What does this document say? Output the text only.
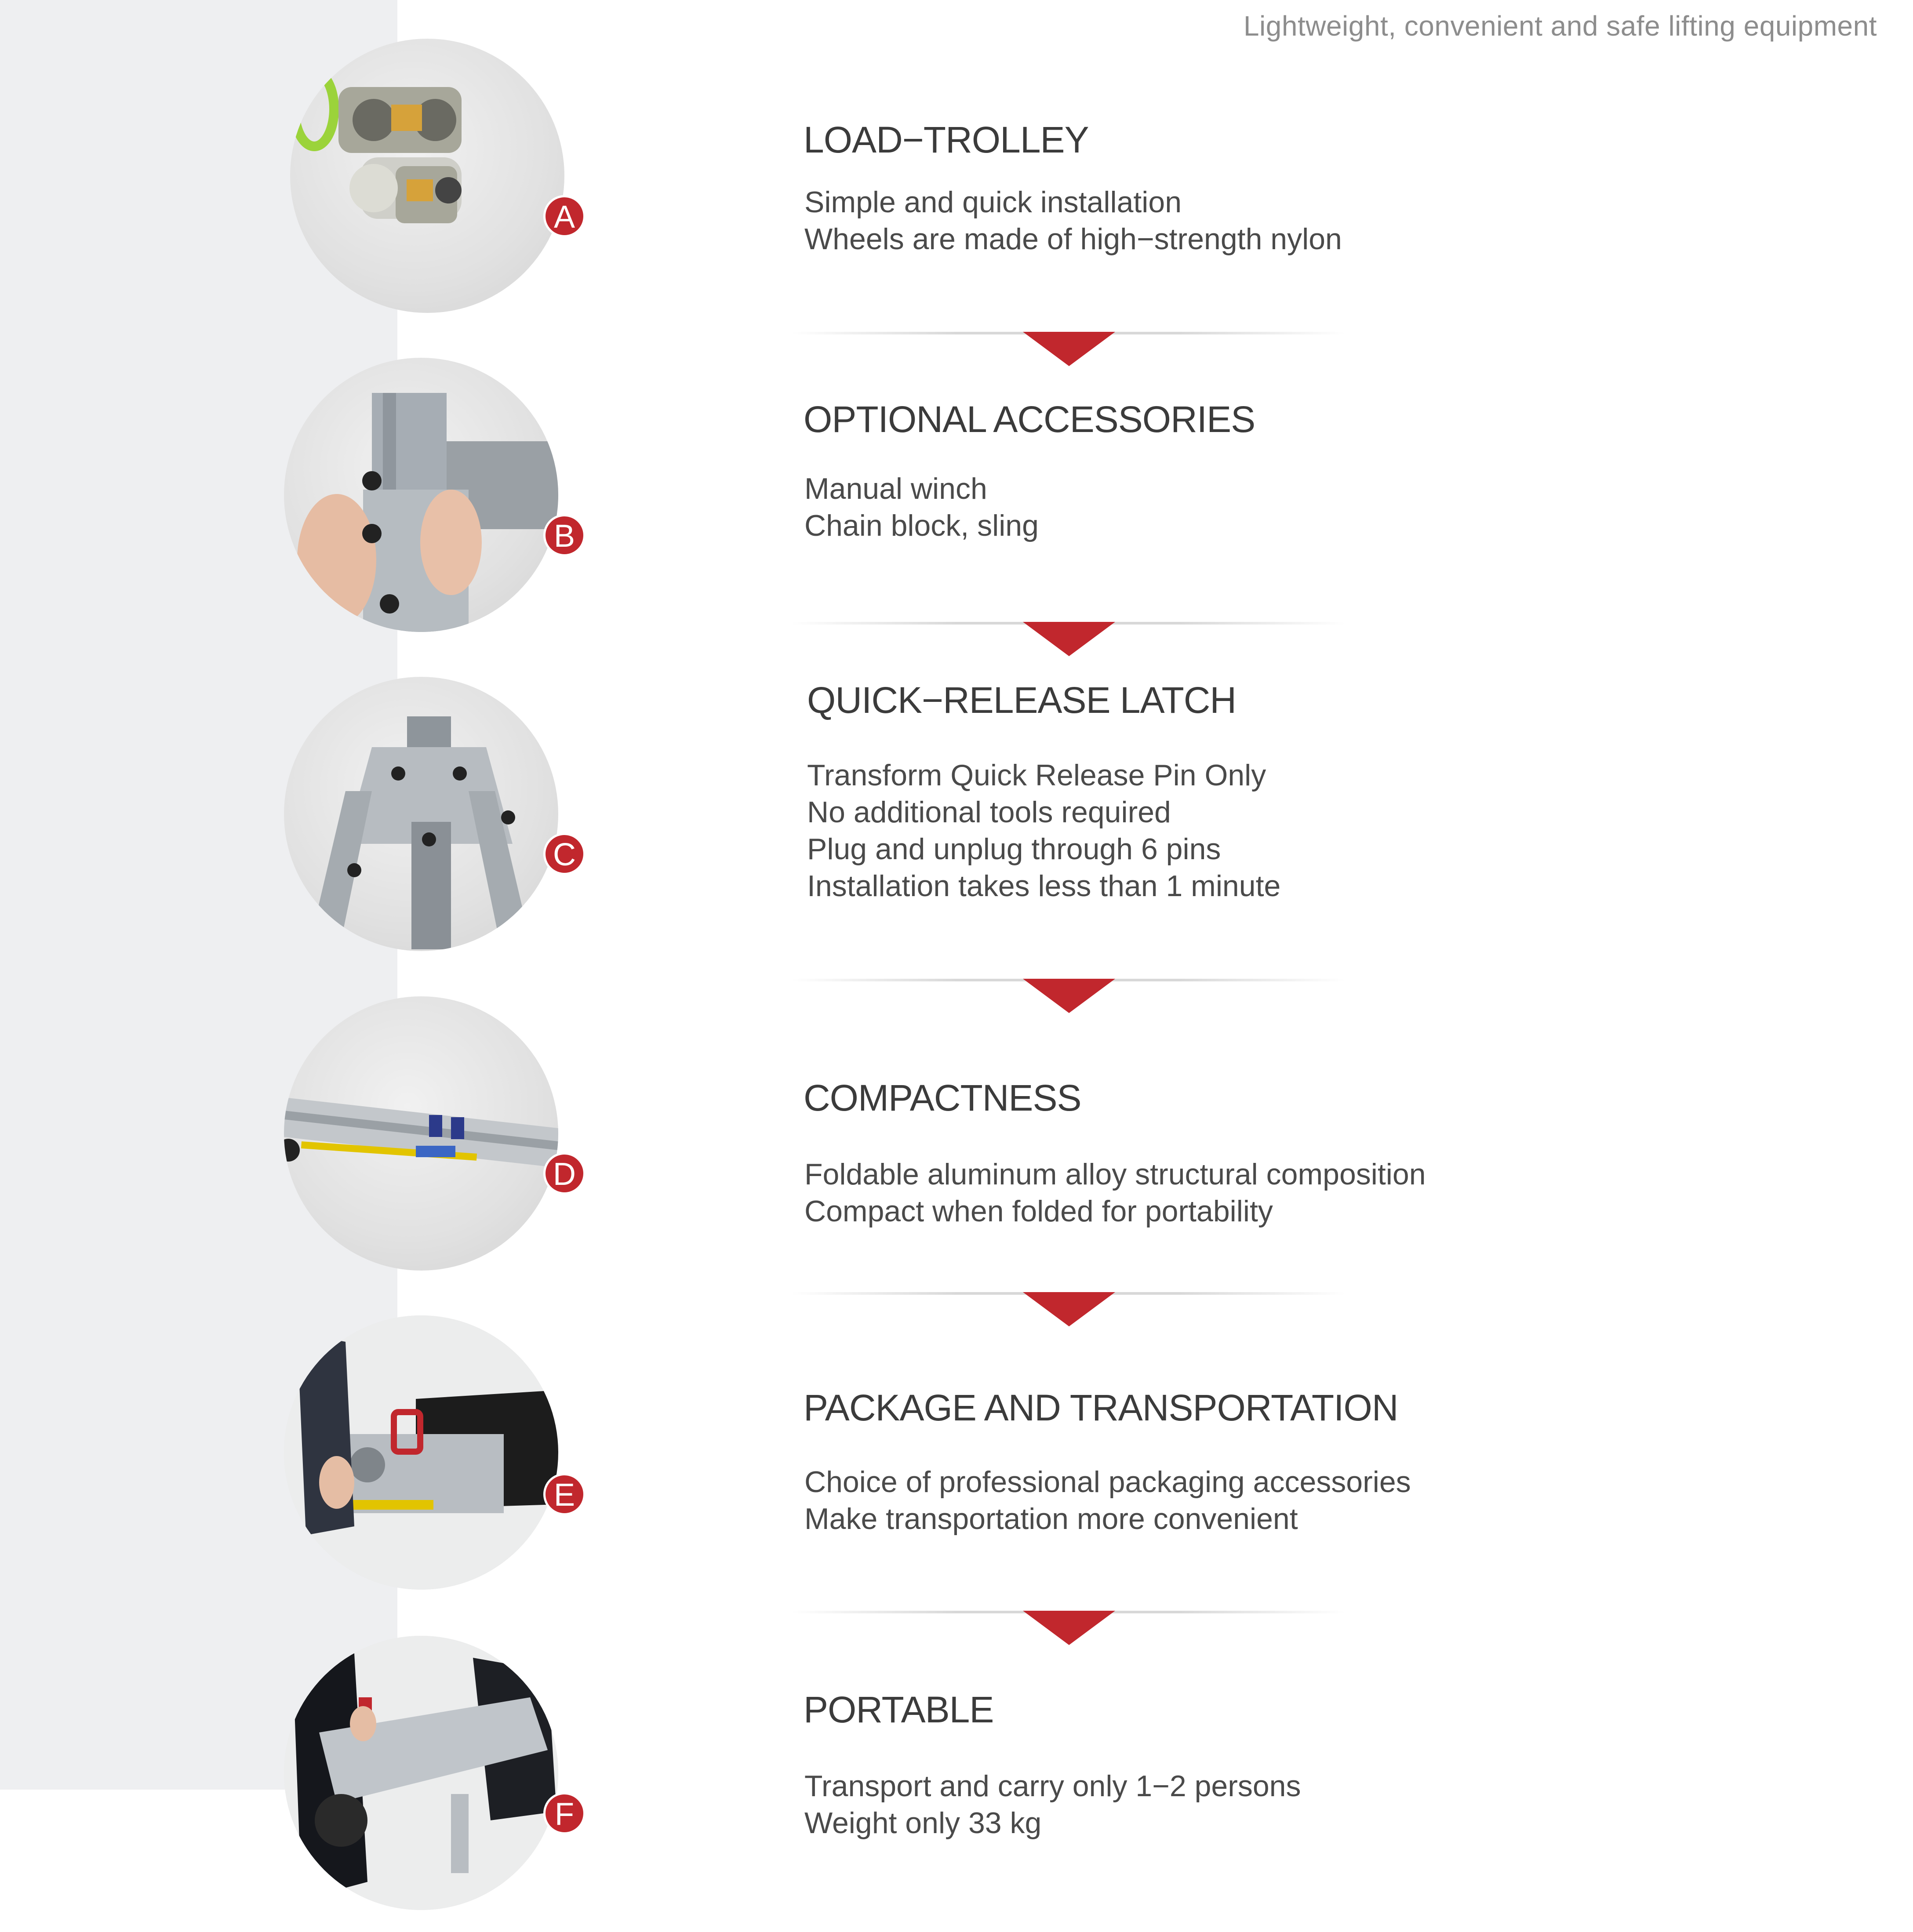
Lightweight, convenient and safe lifting equipment
A
LOAD−TROLLEY
Simple and quick installation
Wheels are made of high−strength nylon
B
OPTIONAL ACCESSORIES
Manual winch
Chain block, sling
C
QUICK−RELEASE LATCH
Transform Quick Release Pin Only
No additional tools required
Plug and unplug through 6 pins
Installation takes less than 1 minute
D
COMPACTNESS
Foldable aluminum alloy structural composition
Compact when folded for portability
E
PACKAGE AND TRANSPORTATION
Choice of professional packaging accessories
Make transportation more convenient
F
PORTABLE
Transport and carry only 1−2 persons
Weight only 33 kg
